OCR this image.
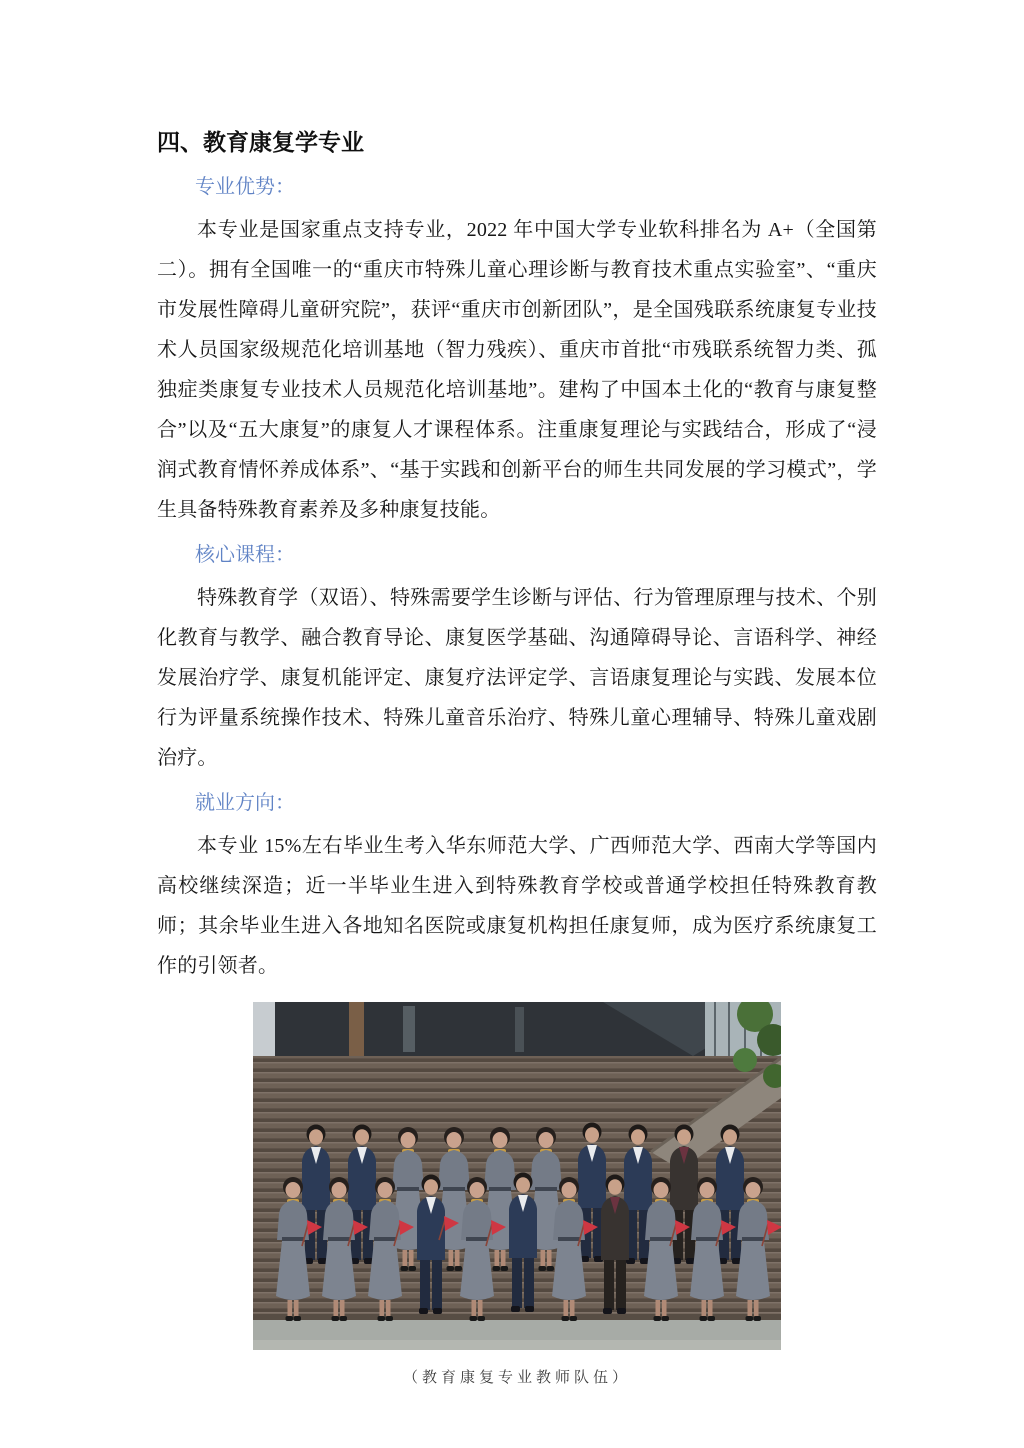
四、教育康复学专业
专业优势：

本专业是国家重点支持专业，2022 年中国大学专业软科排名为 A+（全国第二）。拥有全国唯一的“重庆市特殊儿童心理诊断与教育技术重点实验室”、“重庆市发展性障碍儿童研究院”，获评“重庆市创新团队”，是全国残联系统康复专业技术人员国家级规范化培训基地（智力残疾）、重庆市首批“市残联系统智力类、孤独症类康复专业技术人员规范化培训基地”。建构了中国本土化的“教育与康复整合”以及“五大康复”的康复人才课程体系。注重康复理论与实践结合，形成了“浸润式教育情怀养成体系”、“基于实践和创新平台的师生共同发展的学习模式”，学生具备特殊教育素养及多种康复技能。

核心课程：

特殊教育学（双语）、特殊需要学生诊断与评估、行为管理原理与技术、个别化教育与教学、融合教育导论、康复医学基础、沟通障碍导论、言语科学、神经发展治疗学、康复机能评定、康复疗法评定学、言语康复理论与实践、发展本位行为评量系统操作技术、特殊儿童音乐治疗、特殊儿童心理辅导、特殊儿童戏剧治疗。

就业方向：

本专业 15%左右毕业生考入华东师范大学、广西师范大学、西南大学等国内高校继续深造；近一半毕业生进入到特殊教育学校或普通学校担任特殊教育教师；其余毕业生进入各地知名医院或康复机构担任康复师，成为医疗系统康复工作的引领者。

（教育康复专业教师队伍）
